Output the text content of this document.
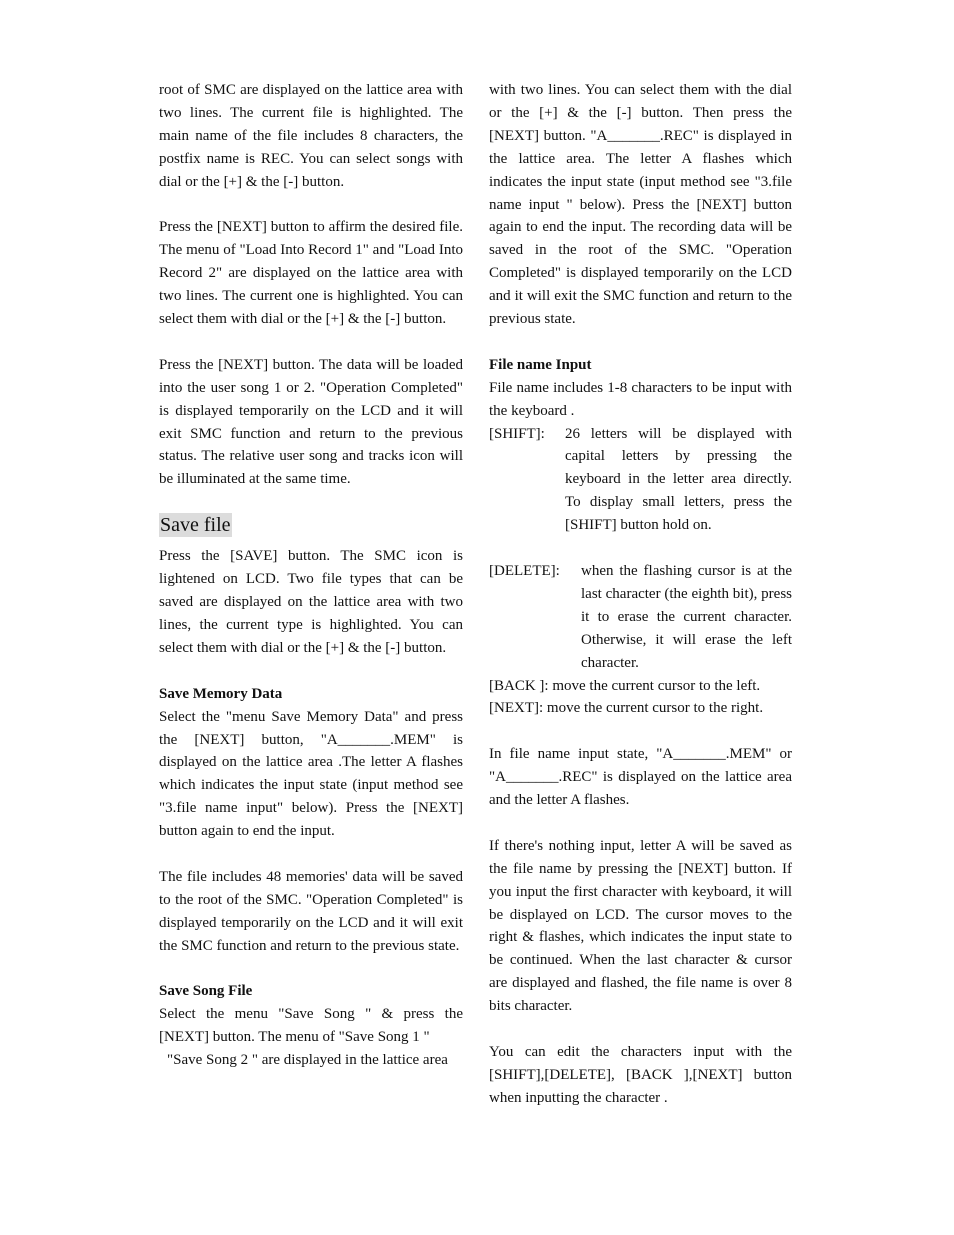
root of SMC are displayed on the lattice area with two lines. The current file is highlighted. The main name of the file includes 8 characters, the postfix name is REC. You can select songs with dial or the [+] & the [-] button.

Press the [NEXT] button to affirm the desired file. The menu of "Load Into Record 1" and "Load Into Record 2" are displayed on the lattice area with two lines. The current one is highlighted. You can select them with dial or the [+] & the [-] button.

Press the [NEXT] button. The data will be loaded into the user song 1 or 2. "Operation Completed" is displayed temporarily on the LCD and it will exit SMC function and return to the previous status. The relative user song and tracks icon will be illuminated at the same time.

Save file

Press the [SAVE] button. The SMC icon is lightened on LCD. Two file types that can be saved are displayed on the lattice area with two lines, the current type is highlighted. You can select them with dial or the [+] & the [-] button.

Save Memory Data

Select the "menu Save Memory Data" and press the [NEXT] button, "A_______.MEM" is displayed on the lattice area .The letter A flashes which indicates the input state (input method see "3.file name input" below). Press the [NEXT] button again to end the input.

The file includes 48 memories' data will be saved to the root of the SMC. "Operation Completed" is displayed temporarily on the LCD and it will exit the SMC function and return to the previous state.

Save Song File

Select the menu "Save Song " & press the [NEXT] button. The menu of "Save Song 1 "

"Save Song 2 " are displayed in the lattice area

with two lines. You can select them with the dial or the [+] & the [-] button. Then press the [NEXT] button. "A_______.REC" is displayed in the lattice area. The letter A flashes which indicates the input state (input method see "3.file name input " below). Press the [NEXT] button again to end the input. The recording data will be saved in the root of the SMC. "Operation Completed" is displayed temporarily on the LCD and it will exit the SMC function and return to the previous state.

File name Input

File name includes 1-8 characters to be input with the keyboard .

[SHIFT]:	26 letters will be displayed with capital letters by pressing the keyboard in the letter area directly. To display small letters, press the [SHIFT] button hold on.
[DELETE]:	when the flashing cursor is at the last character (the eighth bit), press it to erase the current character. Otherwise, it will erase the left character.

[BACK ]: move the current cursor to the left.

[NEXT]: move the current cursor to the right.

In file name input state, "A_______.MEM" or "A_______.REC" is displayed on the lattice area and the letter A flashes.

If there's nothing input, letter A will be saved as the file name by pressing the [NEXT] button. If you input the first character with keyboard, it will be displayed on LCD. The cursor moves to the right & flashes, which indicates the input state to be continued. When the last character & cursor are displayed and flashed, the file name is over 8 bits character.

You can edit the characters input with the [SHIFT],[DELETE], [BACK ],[NEXT] button when inputting the character .
